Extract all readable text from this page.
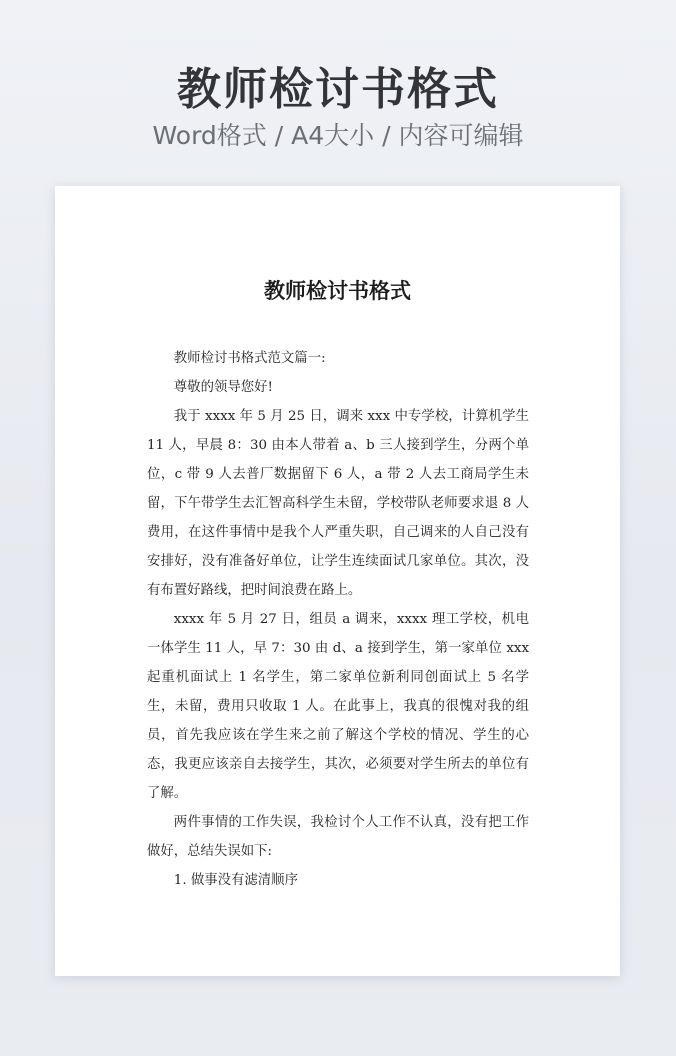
教师检讨书格式
Word格式 / A4大小 / 内容可编辑
教师检讨书格式

教师检讨书格式范文篇一:

尊敬的领导您好!

我于 xxxx 年 5 月 25 日，调来 xxx 中专学校，计算机学生 11 人，早晨 8：30 由本人带着 a、b 三人接到学生，分两个单位，c 带 9 人去普厂数据留下 6 人，a 带 2 人去工商局学生未留，下午带学生去汇智高科学生未留，学校带队老师要求退 8 人费用，在这件事情中是我个人严重失职，自己调来的人自己没有安排好，没有准备好单位，让学生连续面试几家单位。其次，没有布置好路线，把时间浪费在路上。

xxxx 年 5 月 27 日，组员 a 调来，xxxx 理工学校，机电一体学生 11 人，早 7：30 由 d、a 接到学生，第一家单位 xxx 起重机面试上 1 名学生，第二家单位新利同创面试上 5 名学生，未留，费用只收取 1 人。在此事上，我真的很愧对我的组员，首先我应该在学生来之前了解这个学校的情况、学生的心态，我更应该亲自去接学生，其次，必须要对学生所去的单位有了解。

两件事情的工作失误，我检讨个人工作不认真，没有把工作做好，总结失误如下:

1. 做事没有滤清顺序
